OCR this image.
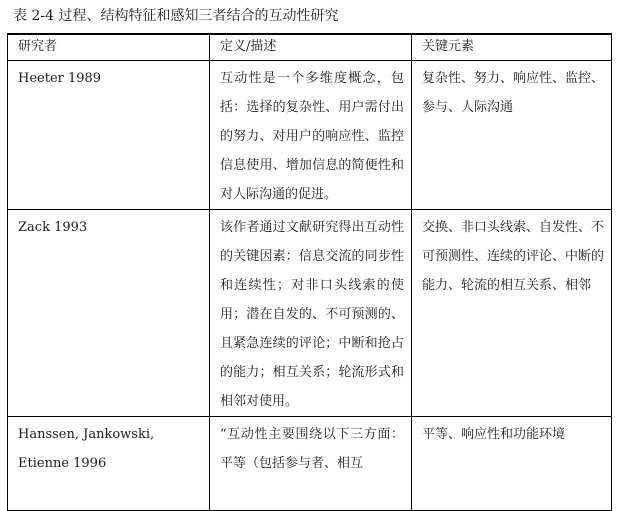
表 2-4 过程、结构特征和感知三者结合的互动性研究
研究者	定义/描述	关键元素
Heeter 1989	互动性是一个多维度概念，包括：选择的复杂性、用户需付出的努力、对用户的响应性、监控信息使用、增加信息的简便性和对人际沟通的促进。	复杂性、努力、响应性、监控、参与、人际沟通
Zack 1993	该作者通过文献研究得出互动性的关键因素：信息交流的同步性和连续性；对非口头线索的使用；潜在自发的、不可预测的、且紧急连续的评论；中断和抢占的能力；相互关系；轮流形式和相邻对使用。	交换、非口头线索、自发性、不可预测性、连续的评论、中断的能力、轮流的相互关系、相邻
Hanssen, Jankowski, Etienne 1996	“互动性主要围绕以下三方面：平等（包括参与者、相互	平等、响应性和功能环境
